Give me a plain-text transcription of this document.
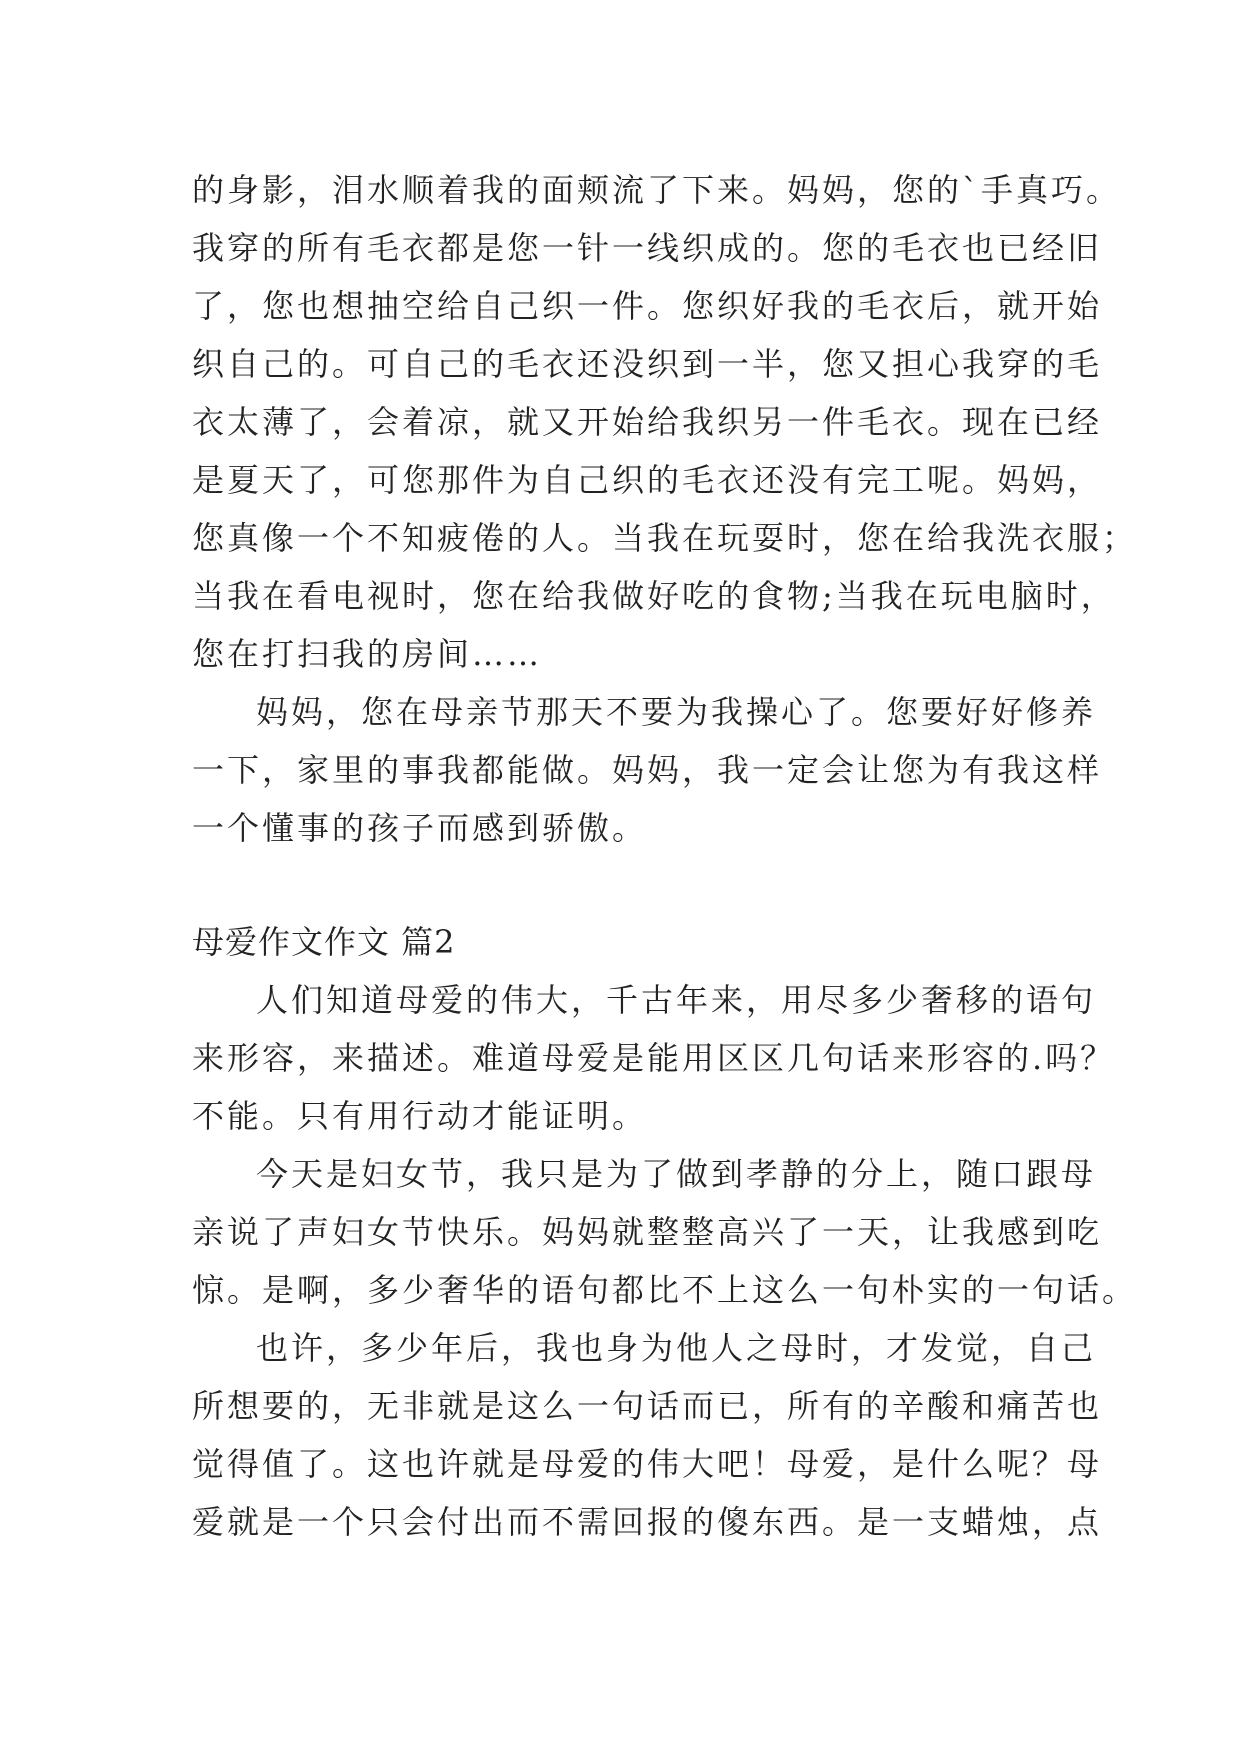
的身影，泪水顺着我的面颊流了下来。妈妈，您的`手真巧。
我穿的所有毛衣都是您一针一线织成的。您的毛衣也已经旧
了，您也想抽空给自己织一件。您织好我的毛衣后，就开始
织自己的。可自己的毛衣还没织到一半，您又担心我穿的毛
衣太薄了，会着凉，就又开始给我织另一件毛衣。现在已经
是夏天了，可您那件为自己织的毛衣还没有完工呢。妈妈，
您真像一个不知疲倦的人。当我在玩耍时，您在给我洗衣服；
当我在看电视时，您在给我做好吃的食物;当我在玩电脑时，
您在打扫我的房间……
妈妈，您在母亲节那天不要为我操心了。您要好好修养
一下，家里的事我都能做。妈妈，我一定会让您为有我这样
一个懂事的孩子而感到骄傲。
母爱作文作文 篇2
人们知道母爱的伟大，千古年来，用尽多少奢移的语句
来形容，来描述。难道母爱是能用区区几句话来形容的.吗？
不能。只有用行动才能证明。
今天是妇女节，我只是为了做到孝静的分上，随口跟母
亲说了声妇女节快乐。妈妈就整整高兴了一天，让我感到吃
惊。是啊，多少奢华的语句都比不上这么一句朴实的一句话。
也许，多少年后，我也身为他人之母时，才发觉，自己
所想要的，无非就是这么一句话而已，所有的辛酸和痛苦也
觉得值了。这也许就是母爱的伟大吧！母爱，是什么呢？母
爱就是一个只会付出而不需回报的傻东西。是一支蜡烛，点
